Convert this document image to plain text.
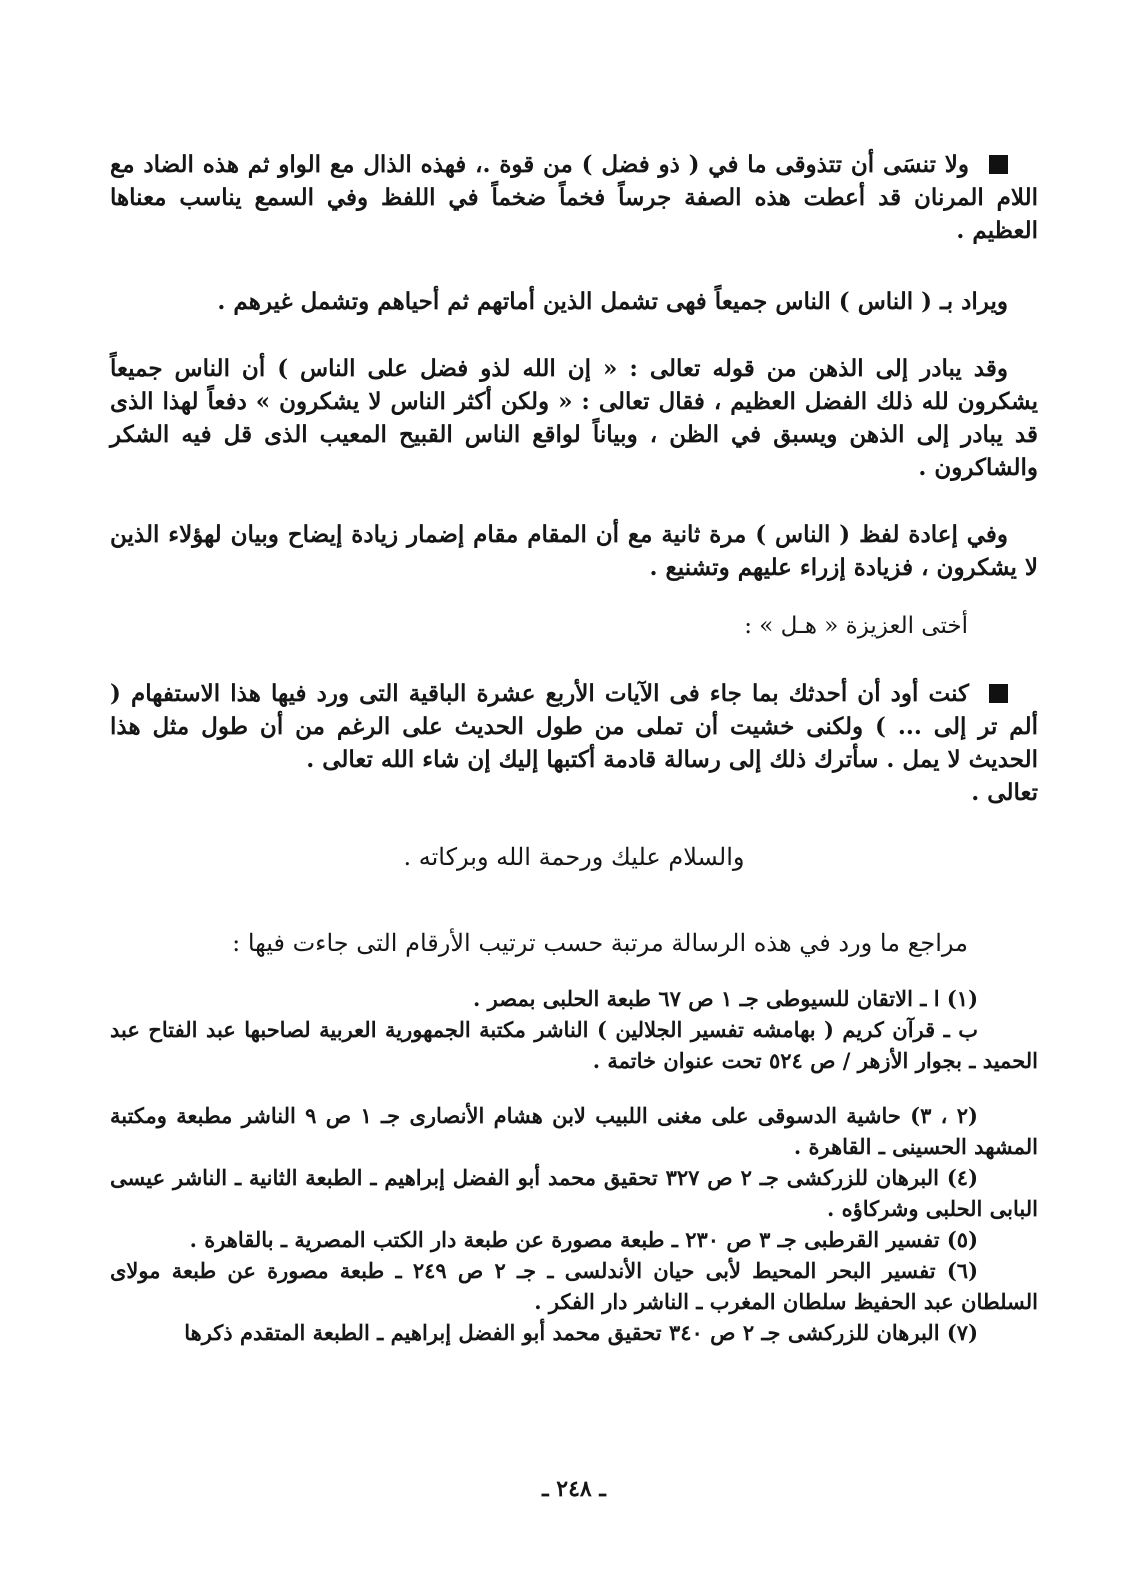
ولا تنسَى أن تتذوقى ما في ( ذو فضل ) من قوة .، فهذه الذال مع الواو ثم هذه الضاد مع اللام المرنان قد أعطت هذه الصفة جرساً فخماً ضخماً في اللفظ وفي السمع يناسب معناها العظيم .

ويراد بـ ( الناس ) الناس جميعاً فهى تشمل الذين أماتهم ثم أحياهم وتشمل غيرهم .

وقد يبادر إلى الذهن من قوله تعالى : « إن الله لذو فضل على الناس ) أن الناس جميعاً يشكرون لله ذلك الفضل العظيم ، فقال تعالى : « ولكن أكثر الناس لا يشكرون » دفعاً لهذا الذى قد يبادر إلى الذهن ويسبق في الظن ، وبياناً لواقع الناس القبيح المعيب الذى قل فيه الشكر والشاكرون .

وفي إعادة لفظ ( الناس ) مرة ثانية مع أن المقام مقام إضمار زيادة إيضاح وبيان لهؤلاء الذين لا يشكرون ، فزيادة إزراء عليهم وتشنيع .

أختى العزيزة « هـل » :

كنت أود أن أحدثك بما جاء فى الآيات الأربع عشرة الباقية التى ورد فيها هذا الاستفهام ( ألم تر إلى ... ) ولكنى خشيت أن تملى من طول الحديث على الرغم من أن طول مثل هذا الحديث لا يمل . سأترك ذلك إلى رسالة قادمة أكتبها إليك إن شاء الله تعالى .

تعالى .

والسلام عليك ورحمة الله وبركاته .

مراجع ما ورد في هذه الرسالة مرتبة حسب ترتيب الأرقام التى جاءت فيها :

(١) ا ـ الاتقان للسيوطى جـ ١ ص ٦٧ طبعة الحلبى بمصر .

ب ـ قرآن كريم ( بهامشه تفسير الجلالين ) الناشر مكتبة الجمهورية العربية لصاحبها عبد الفتاح عبد الحميد ـ بجوار الأزهر / ص ٥٢٤ تحت عنوان خاتمة .

(٢ ، ٣) حاشية الدسوقى على مغنى اللبيب لابن هشام الأنصارى جـ ١ ص ٩ الناشر مطبعة ومكتبة المشهد الحسينى ـ القاهرة .

(٤) البرهان للزركشى جـ ٢ ص ٣٢٧ تحقيق محمد أبو الفضل إبراهيم ـ الطبعة الثانية ـ الناشر عيسى البابى الحلبى وشركاؤه .

(٥) تفسير القرطبى جـ ٣ ص ٢٣٠ ـ طبعة مصورة عن طبعة دار الكتب المصرية ـ بالقاهرة .

(٦) تفسير البحر المحيط لأبى حيان الأندلسى ـ جـ ٢ ص ٢٤٩ ـ طبعة مصورة عن طبعة مولاى السلطان عبد الحفيظ سلطان المغرب ـ الناشر دار الفكر .

(٧) البرهان للزركشى جـ ٢ ص ٣٤٠ تحقيق محمد أبو الفضل إبراهيم ـ الطبعة المتقدم ذكرها

ـ ٢٤٨ ـ
